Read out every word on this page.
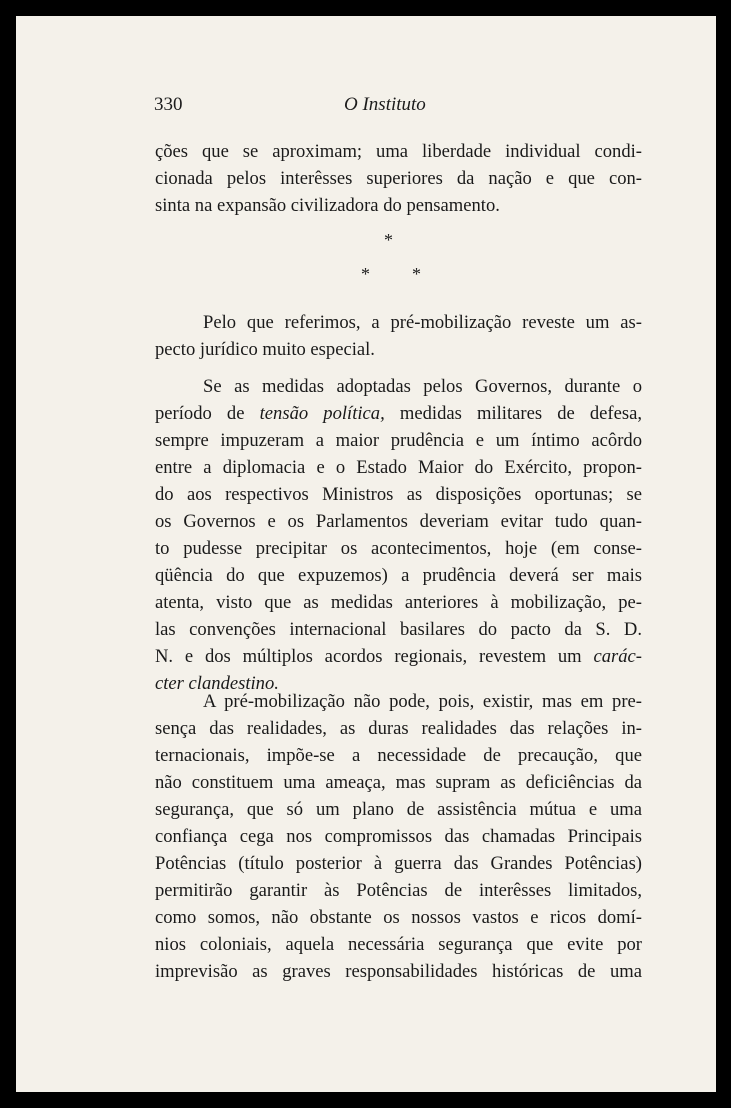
330	O Instituto
ções que se aproximam; uma liberdade individual condi-
cionada pelos interêsses superiores da nação e que con-
sinta na expansão civilizadora do pensamento.
*
* *
Pelo que referimos, a pré-mobilização reveste um as-
pecto jurídico muito especial.
Se as medidas adoptadas pelos Governos, durante o
período de tensão política, medidas militares de defesa,
sempre impuzeram a maior prudência e um íntimo acôrdo
entre a diplomacia e o Estado Maior do Exército, propon-
do aos respectivos Ministros as disposições oportunas; se
os Governos e os Parlamentos deveriam evitar tudo quan-
to pudesse precipitar os acontecimentos, hoje (em conse-
qüência do que expuzemos) a prudência deverá ser mais
atenta, visto que as medidas anteriores à mobilização, pe-
las convenções internacional basilares do pacto da S. D.
N. e dos múltiplos acordos regionais, revestem um carác-
cter clandestino.
A pré-mobilização não pode, pois, existir, mas em pre-
sença das realidades, as duras realidades das relações in-
ternacionais, impõe-se a necessidade de precaução, que
não constituem uma ameaça, mas supram as deficiências da
segurança, que só um plano de assistência mútua e uma
confiança cega nos compromissos das chamadas Principais
Potências (título posterior à guerra das Grandes Potências)
permitirão garantir às Potências de interêsses limitados,
como somos, não obstante os nossos vastos e ricos domí-
nios coloniais, aquela necessária segurança que evite por
imprevisão as graves responsabilidades históricas de uma
